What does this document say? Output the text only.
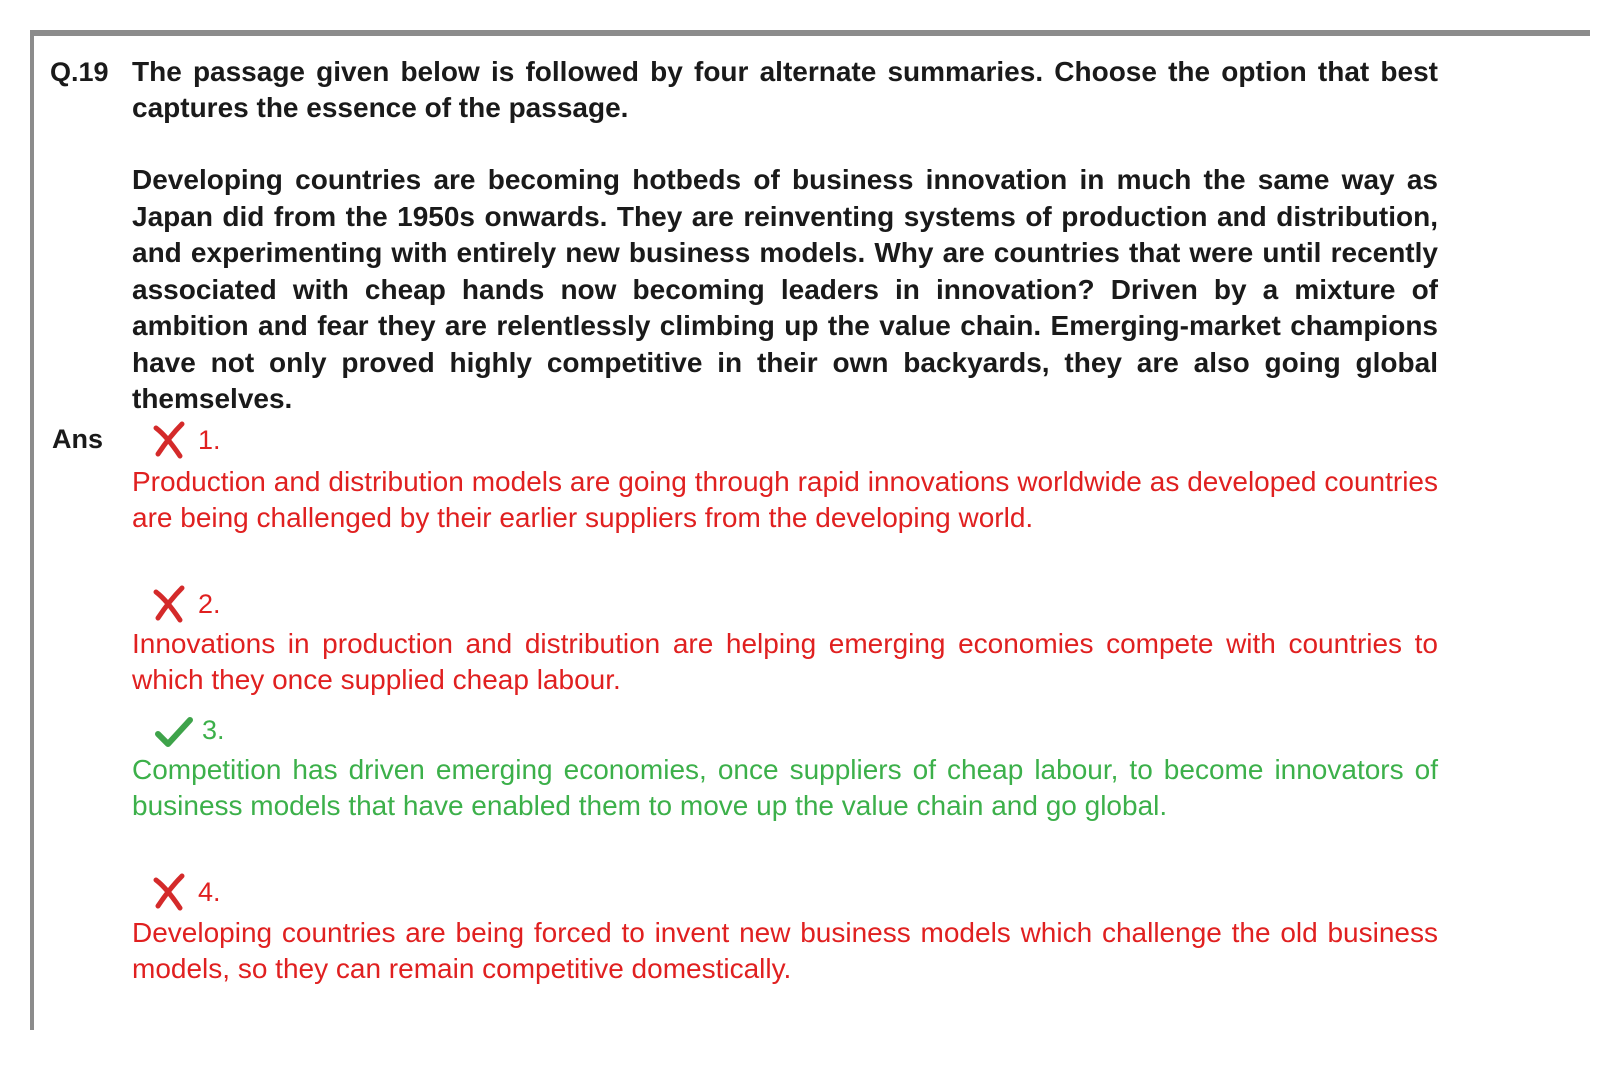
Q.19 The passage given below is followed by four alternate summaries. Choose the option that best captures the essence of the passage.
Developing countries are becoming hotbeds of business innovation in much the same way as Japan did from the 1950s onwards. They are reinventing systems of production and distribution, and experimenting with entirely new business models. Why are countries that were until recently associated with cheap hands now becoming leaders in innovation? Driven by a mixture of ambition and fear they are relentlessly climbing up the value chain. Emerging-market champions have not only proved highly competitive in their own backyards, they are also going global themselves.
Ans	1.
Production and distribution models are going through rapid innovations worldwide as developed countries are being challenged by their earlier suppliers from the developing world.
2.
Innovations in production and distribution are helping emerging economies compete with countries to which they once supplied cheap labour.
3.
Competition has driven emerging economies, once suppliers of cheap labour, to become innovators of business models that have enabled them to move up the value chain and go global.
4.
Developing countries are being forced to invent new business models which challenge the old business models, so they can remain competitive domestically.
